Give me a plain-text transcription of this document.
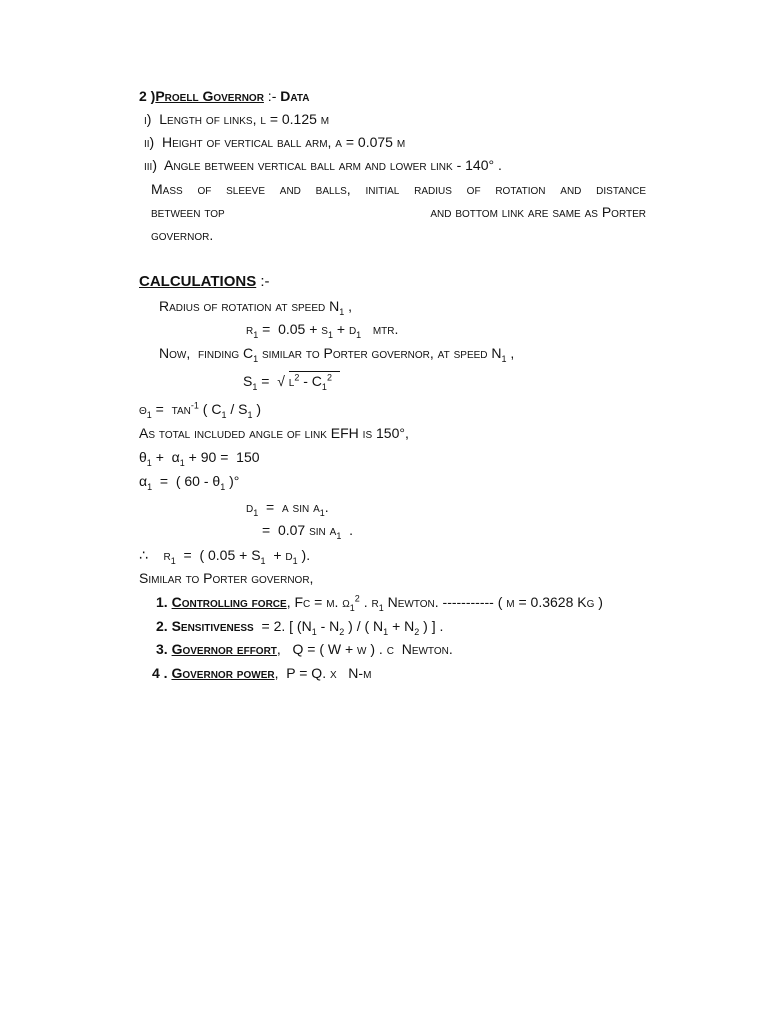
2 )Proell Governor :- Data
i) Length of links, l = 0.125 m
ii) Height of vertical ball arm, a = 0.075 m
iii) Angle between vertical ball arm and lower link - 140° .
Mass of sleeve and balls, initial radius of rotation and distance
between top	and bottom link are same as Porter
governor.
CALCULATIONS :-
Radius of rotation at speed $N_1$ ,
$r_1 = 0.05 + s_1 + d_1$   mtr.
Now,  finding $C_1$ similar to Porter governor, at speed $N_1$ ,
$S_1$ =  √ $l^2 - C_1^2$
$\theta_1 = \tan^{-1}$ ( $C_1 / S_1$ )
As total included angle of link EFH is 150°,
$\theta_1 + \alpha_1 + 90 = 150$
$\alpha_1$  =  ( $60 - \theta_1$ )°
$d_1 = a$ $\sin \alpha_1$.
=  0.07 $\sin \alpha_1$  .
∴    $r_1$  =  ( $0.05 + S_1 + d_1$ ).
Similar to Porter governor,
1. Controlling force, Fc = m. $\omega_1^2$ . $r_1$ Newton. ----------- ( m = 0.3628 Kg )
2. Sensitiveness  = 2. [ ($N_1 - N_2$ ) / ( $N_1 + N_2$ ) ] .
3. Governor effort,   Q = ( W + w ) . c  Newton.
4 . Governor power,  P = Q. x   N-m
